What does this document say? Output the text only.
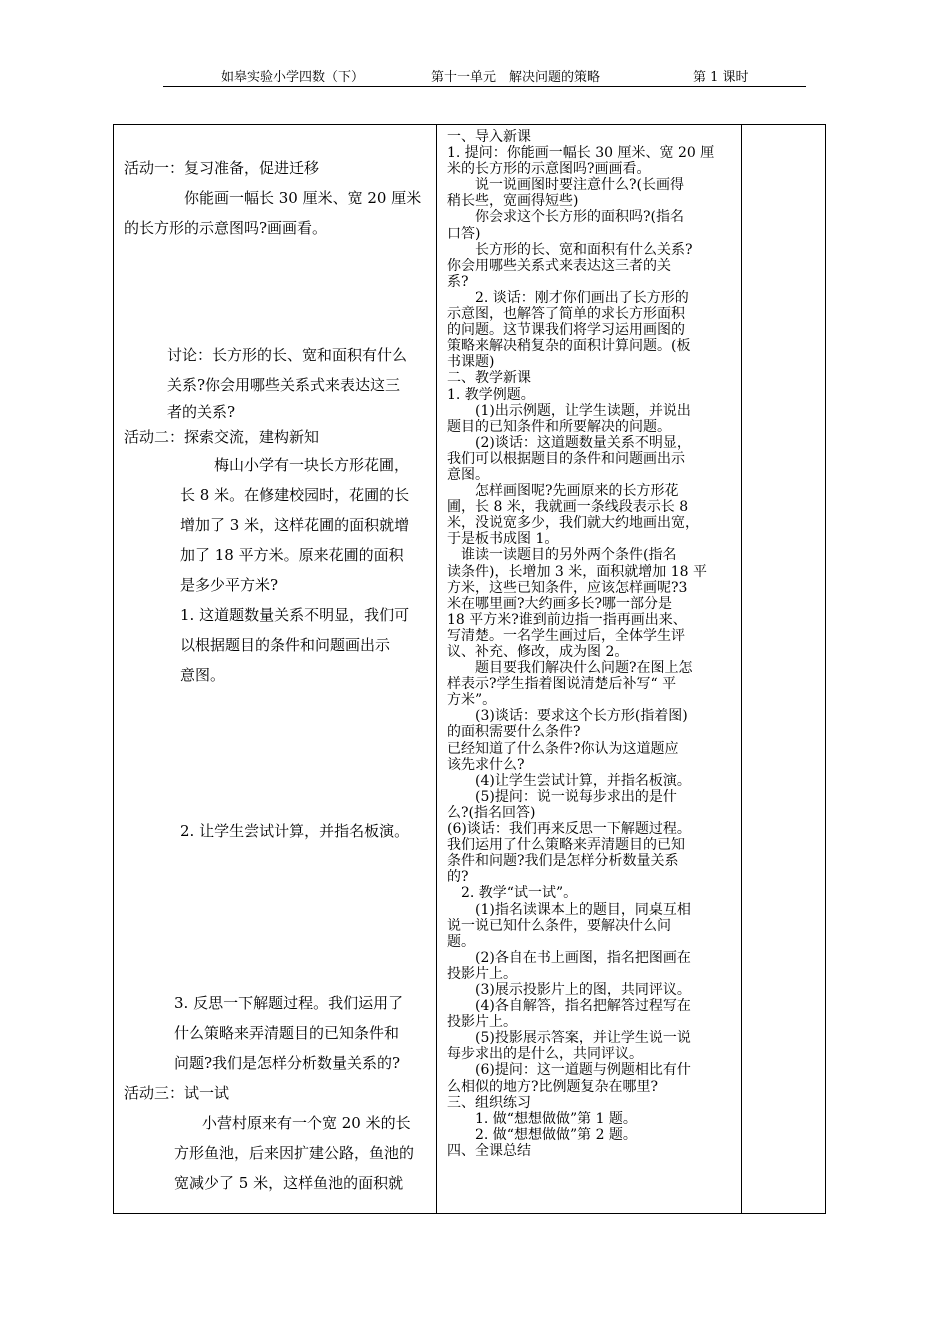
如皋实验小学四数（下）	第十一单元　解决问题的策略	第 1 课时

活动一：复习准备，促进迁移

你能画一幅长 30 厘米、宽 20 厘米

的长方形的示意图吗?画画看。

讨论：长方形的长、宽和面积有什么

关系?你会用哪些关系式来表达这三

者的关系?

活动二：探索交流，建构新知

梅山小学有一块长方形花圃，

长 8 米。在修建校园时，花圃的长

增加了 3 米，这样花圃的面积就增

加了 18 平方米。原来花圃的面积

是多少平方米?

1. 这道题数量关系不明显，我们可

以根据题目的条件和问题画出示

意图。

2. 让学生尝试计算，并指名板演。

3. 反思一下解题过程。我们运用了

什么策略来弄清题目的已知条件和

问题?我们是怎样分析数量关系的?

活动三：试一试

小营村原来有一个宽 20 米的长

方形鱼池，后来因扩建公路，鱼池的

宽减少了 5 米，这样鱼池的面积就

一、导入新课

1. 提问：你能画一幅长 30 厘米、宽 20 厘

米的长方形的示意图吗?画画看。

　　说一说画图时要注意什么?(长画得

稍长些，宽画得短些)

　　你会求这个长方形的面积吗?(指名

口答)

　　长方形的长、宽和面积有什么关系?

你会用哪些关系式来表达这三者的关

系?

　　2. 谈话：刚才你们画出了长方形的

示意图，也解答了简单的求长方形面积

的问题。这节课我们将学习运用画图的

策略来解决稍复杂的面积计算问题。(板

书课题)

二、教学新课

1. 教学例题。

　　(1)出示例题，让学生读题，并说出

题目的已知条件和所要解决的问题。

　　(2)谈话：这道题数量关系不明显，

我们可以根据题目的条件和问题画出示

意图。

　　怎样画图呢?先画原来的长方形花

圃，长 8 米，我就画一条线段表示长 8

米，没说宽多少，我们就大约地画出宽，

于是板书成图 1。

　谁读一读题目的另外两个条件(指名

读条件)，长增加 3 米，面积就增加 18 平

方米，这些已知条件，应该怎样画呢?3

米在哪里画?大约画多长?哪一部分是

18 平方米?谁到前边指一指再画出来、

写清楚。一名学生画过后，全体学生评

议、补充、修改，成为图 2。

　　题目要我们解决什么问题?在图上怎

样表示?学生指着图说清楚后补写“ 平

方米”。

　　(3)谈话：要求这个长方形(指着图)

的面积需要什么条件?

已经知道了什么条件?你认为这道题应

该先求什么?

　　(4)让学生尝试计算，并指名板演。

　　(5)提问：说一说每步求出的是什

么?(指名回答)

(6)谈话：我们再来反思一下解题过程。

我们运用了什么策略来弄清题目的已知

条件和问题?我们是怎样分析数量关系

的?

　2. 教学“试一试”。

　　(1)指名读课本上的题目，同桌互相

说一说已知什么条件，要解决什么问

题。

　　(2)各自在书上画图，指名把图画在

投影片上。

　　(3)展示投影片上的图，共同评议。

　　(4)各自解答，指名把解答过程写在

投影片上。

　　(5)投影展示答案，并让学生说一说

每步求出的是什么，共同评议。

　　(6)提问：这一道题与例题相比有什

么相似的地方?比例题复杂在哪里?

三、组织练习

　　1. 做“想想做做”第 1 题。

　　2. 做“想想做做”第 2 题。

四、全课总结
